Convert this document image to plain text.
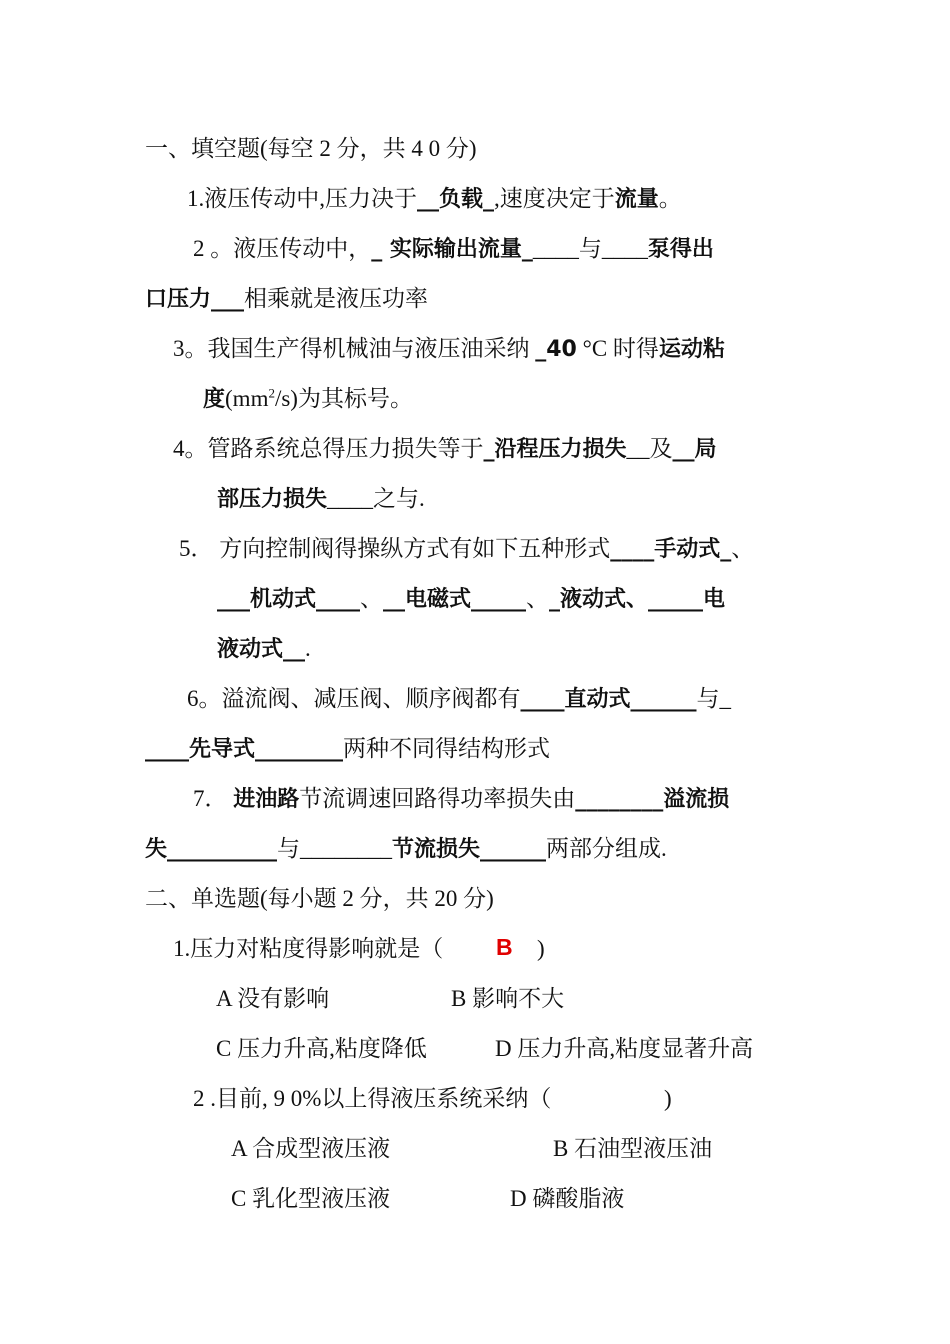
一、填空题(每空 2 分，共 4 0 分)
1.液压传动中,压力决于__负载_,速度决定于流量。
2 。液压传动中，_ 实际输出流量_____与____泵得出
口压力___相乘就是液压功率
3。我国生产得机械油与液压油采纳 _40 °C 时得运动粘
度$(mm^2/s)$为其标号。
4。管路系统总得压力损失等于_沿程压力损失__及__局
部压力损失____之与.
5． 方向控制阀得操纵方式有如下五种形式____手动式_、
___机动式____、__电磁式_____、_液动式、_____电
液动式__.
6。溢流阀、减压阀、顺序阀都有____直动式______与_
____先导式________两种不同得结构形式
7． 进油路节流调速回路得功率损失由________溢流损
失__________与________节流损失______两部分组成.
二、单选题(每小题 2 分，共 20 分)
1.压力对粘度得影响就是（ B )
A 没有影响	B 影响不大
C 压力升高,粘度降低	D 压力升高,粘度显著升高
2 .目前, 9 0%以上得液压系统采纳（	)
A 合成型液压液	B 石油型液压油
C 乳化型液压液	D 磷酸脂液
